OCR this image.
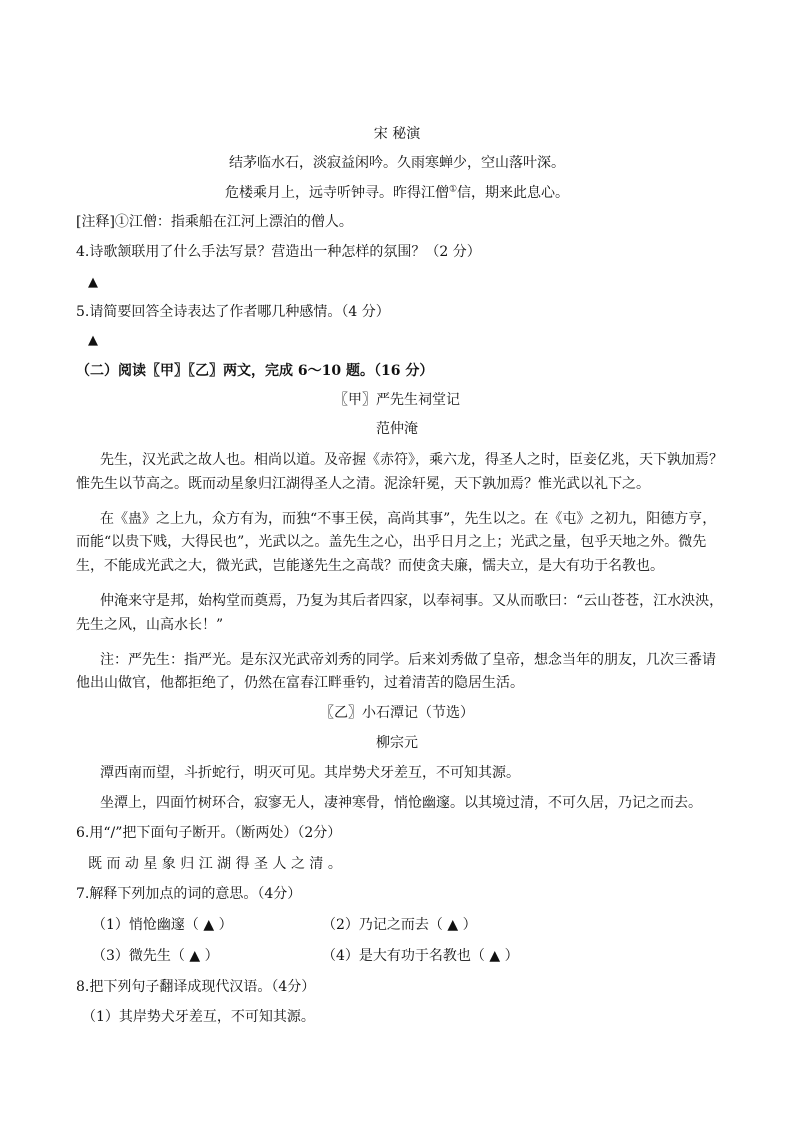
宋 秘演
结茅临水石，淡寂益闲吟。久雨寒蝉少，空山落叶深。
危楼乘月上，远寺听钟寻。昨得江僧①信，期来此息心。
[注释]①江僧：指乘船在江河上漂泊的僧人。
4.诗歌颔联用了什么手法写景？营造出一种怎样的氛围？（2 分）
▲
5.请简要回答全诗表达了作者哪几种感情。（4 分）
▲
（二）阅读〖甲〗〖乙〗两文，完成 6～10 题。（16 分）
〖甲〗严先生祠堂记
范仲淹
先生，汉光武之故人也。相尚以道。及帝握《赤符》，乘六龙，得圣人之时，臣妾亿兆，天下孰加焉？
惟先生以节高之。既而动星象归江湖得圣人之清。泥涂轩冕，天下孰加焉？惟光武以礼下之。
在《蛊》之上九，众方有为，而独“不事王侯，高尚其事”，先生以之。在《屯》之初九，阳德方亨，
而能“以贵下贱，大得民也”，光武以之。盖先生之心，出乎日月之上；光武之量，包乎天地之外。微先
生，不能成光武之大，微光武，岂能遂先生之高哉？而使贪夫廉，懦夫立，是大有功于名教也。
仲淹来守是邦，始构堂而奠焉，乃复为其后者四家，以奉祠事。又从而歌曰：“云山苍苍，江水泱泱，
先生之风，山高水长！”
注：严先生：指严光。是东汉光武帝刘秀的同学。后来刘秀做了皇帝，想念当年的朋友，几次三番请
他出山做官，他都拒绝了，仍然在富春江畔垂钓，过着清苦的隐居生活。
〖乙〗小石潭记（节选）
柳宗元
潭西南而望，斗折蛇行，明灭可见。其岸势犬牙差互，不可知其源。
坐潭上，四面竹树环合，寂寥无人，凄神寒骨，悄怆幽邃。以其境过清，不可久居，乃记之而去。
6.用“/”把下面句子断开。（断两处）（2分）
既 而 动 星 象 归 江 湖 得 圣 人 之 清 。
7.解释下列加点的词的意思。（4分）
（1）悄怆幽邃（ ▲ ）	（2）乃记之而去（ ▲ ）
（3）微先生（ ▲ ）	（4）是大有功于名教也（ ▲ ）
8.把下列句子翻译成现代汉语。（4分）
（1）其岸势犬牙差互，不可知其源。
